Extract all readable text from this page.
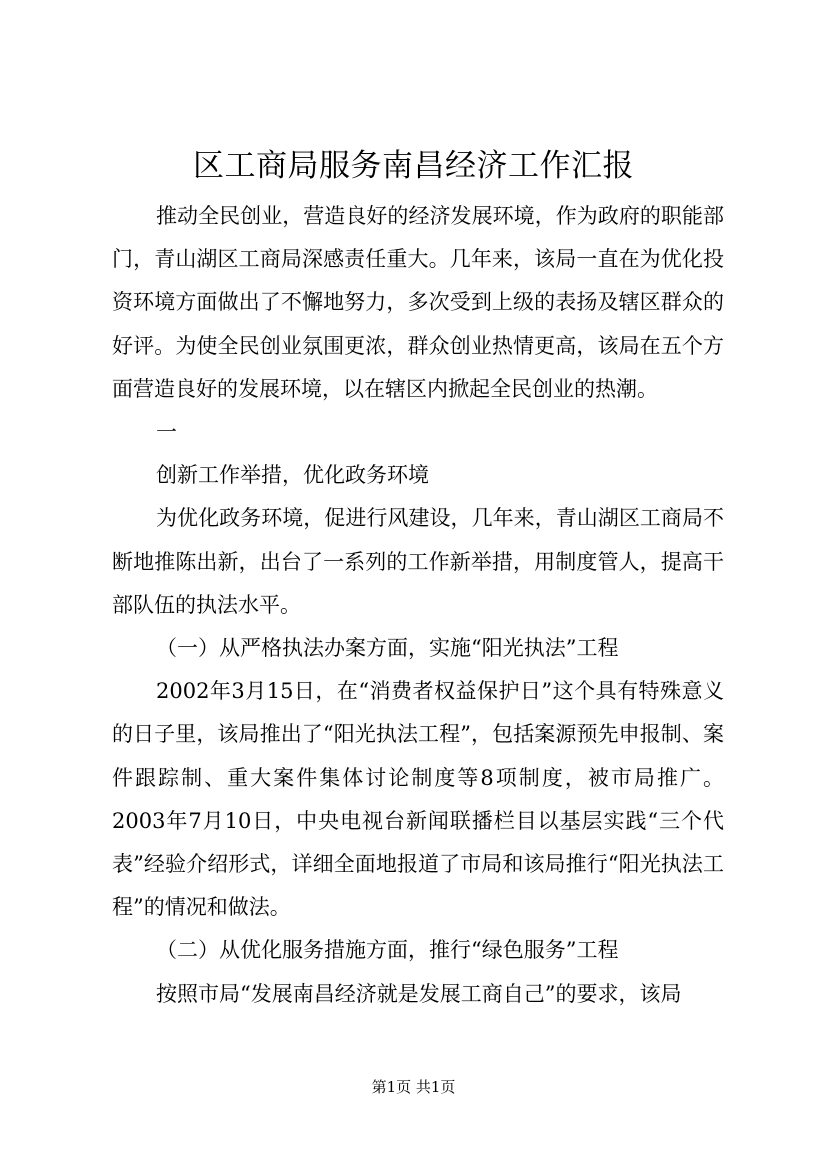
区工商局服务南昌经济工作汇报

推动全民创业，营造良好的经济发展环境，作为政府的职能部门，青山湖区工商局深感责任重大。几年来，该局一直在为优化投资环境方面做出了不懈地努力，多次受到上级的表扬及辖区群众的好评。为使全民创业氛围更浓，群众创业热情更高，该局在五个方面营造良好的发展环境，以在辖区内掀起全民创业的热潮。

一

创新工作举措，优化政务环境

为优化政务环境，促进行风建设，几年来，青山湖区工商局不断地推陈出新，出台了一系列的工作新举措，用制度管人，提高干部队伍的执法水平。

（一）从严格执法办案方面，实施“阳光执法”工程

2002年3月15日，在“消费者权益保护日”这个具有特殊意义的日子里，该局推出了“阳光执法工程”，包括案源预先申报制、案件跟踪制、重大案件集体讨论制度等8项制度，被市局推广。2003年7月10日，中央电视台新闻联播栏目以基层实践“三个代表”经验介绍形式，详细全面地报道了市局和该局推行“阳光执法工程”的情况和做法。

（二）从优化服务措施方面，推行“绿色服务”工程

按照市局“发展南昌经济就是发展工商自己”的要求，该局

第1页 共1页
